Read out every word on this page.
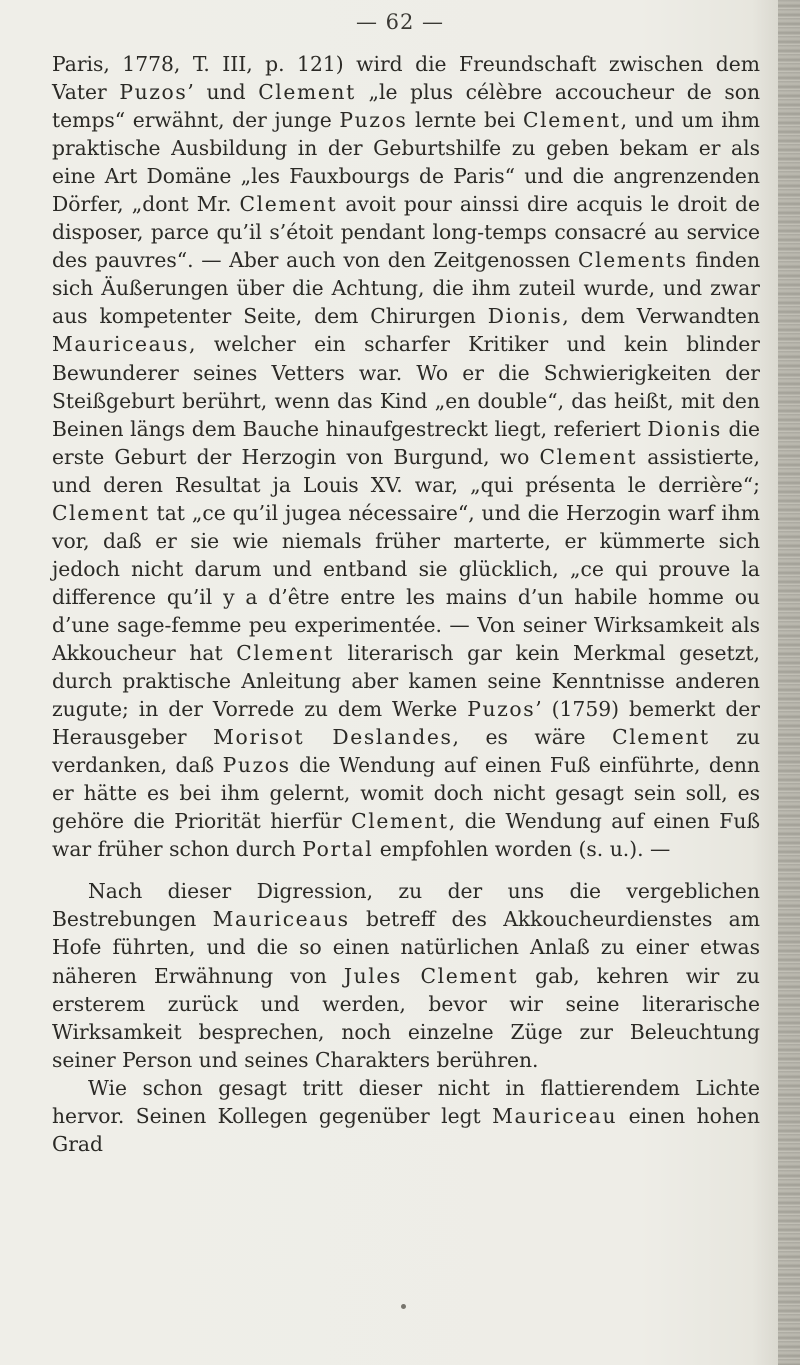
— 62 —

Paris, 1778, T. III, p. 121) wird die Freundschaft zwischen dem Vater Puzos’ und Clement „le plus célèbre accoucheur de son temps“ erwähnt, der junge Puzos lernte bei Clement, und um ihm praktische Ausbildung in der Geburtshilfe zu geben bekam er als eine Art Domäne „les Fauxbourgs de Paris“ und die angrenzenden Dörfer, „dont Mr. Clement avoit pour ainssi dire acquis le droit de disposer, parce qu’il s’étoit pendant long-temps consacré au service des pauvres“. — Aber auch von den Zeitgenossen Clements finden sich Äußerungen über die Achtung, die ihm zuteil wurde, und zwar aus kompetenter Seite, dem Chirurgen Dionis, dem Verwandten Mauriceaus, welcher ein scharfer Kritiker und kein blinder Bewunderer seines Vetters war. Wo er die Schwierigkeiten der Steißgeburt berührt, wenn das Kind „en double“, das heißt, mit den Beinen längs dem Bauche hinaufgestreckt liegt, referiert Dionis die erste Geburt der Herzogin von Burgund, wo Clement assistierte, und deren Resultat ja Louis XV. war, „qui présenta le derrière“; Clement tat „ce qu’il jugea nécessaire“, und die Herzogin warf ihm vor, daß er sie wie niemals früher marterte, er kümmerte sich jedoch nicht darum und entband sie glücklich, „ce qui prouve la difference qu’il y a d’être entre les mains d’un habile homme ou d’une sage-femme peu experimentée. — Von seiner Wirksamkeit als Akkoucheur hat Clement literarisch gar kein Merkmal gesetzt, durch praktische Anleitung aber kamen seine Kenntnisse anderen zugute; in der Vorrede zu dem Werke Puzos’ (1759) bemerkt der Herausgeber Morisot Deslandes, es wäre Clement zu verdanken, daß Puzos die Wendung auf einen Fuß einführte, denn er hätte es bei ihm gelernt, womit doch nicht gesagt sein soll, es gehöre die Priorität hierfür Clement, die Wendung auf einen Fuß war früher schon durch Portal empfohlen worden (s. u.). —

Nach dieser Digression, zu der uns die vergeblichen Bestrebungen Mauriceaus betreff des Akkoucheurdienstes am Hofe führten, und die so einen natürlichen Anlaß zu einer etwas näheren Erwähnung von Jules Clement gab, kehren wir zu ersterem zurück und werden, bevor wir seine literarische Wirksamkeit besprechen, noch einzelne Züge zur Beleuchtung seiner Person und seines Charakters berühren.

Wie schon gesagt tritt dieser nicht in flattierendem Lichte hervor. Seinen Kollegen gegenüber legt Mauriceau einen hohen Grad
